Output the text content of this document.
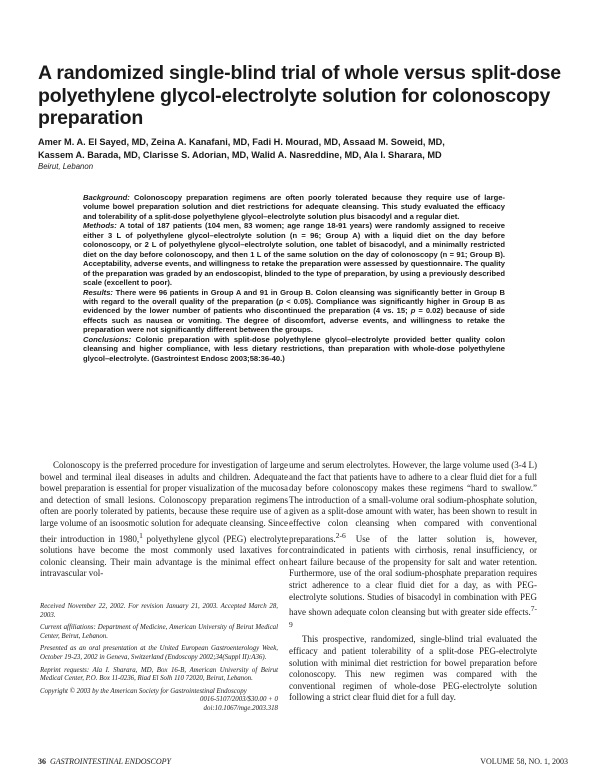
A randomized single-blind trial of whole versus split-dose polyethylene glycol-electrolyte solution for colonoscopy preparation
Amer M. A. El Sayed, MD, Zeina A. Kanafani, MD, Fadi H. Mourad, MD, Assaad M. Soweid, MD,
Kassem A. Barada, MD, Clarisse S. Adorian, MD, Walid A. Nasreddine, MD, Ala I. Sharara, MD
Beirut, Lebanon

Background: Colonoscopy preparation regimens are often poorly tolerated because they require use of large-volume bowel preparation solution and diet restrictions for adequate cleansing. This study evaluated the efficacy and tolerability of a split-dose polyethylene glycol–electrolyte solution plus bisacodyl and a regular diet.

Methods: A total of 187 patients (104 men, 83 women; age range 18-91 years) were randomly assigned to receive either 3 L of polyethylene glycol–electrolyte solution (n = 96; Group A) with a liquid diet on the day before colonoscopy, or 2 L of polyethylene glycol–electrolyte solution, one tablet of bisacodyl, and a minimally restricted diet on the day before colonoscopy, and then 1 L of the same solution on the day of colonoscopy (n = 91; Group B). Acceptability, adverse events, and willingness to retake the preparation were assessed by questionnaire. The quality of the preparation was graded by an endoscopist, blinded to the type of preparation, by using a previously described scale (excellent to poor).

Results: There were 96 patients in Group A and 91 in Group B. Colon cleansing was significantly better in Group B with regard to the overall quality of the preparation (p < 0.05). Compliance was significantly higher in Group B as evidenced by the lower number of patients who discontinued the preparation (4 vs. 15; p = 0.02) because of side effects such as nausea or vomiting. The degree of discomfort, adverse events, and willingness to retake the preparation were not significantly different between the groups.

Conclusions: Colonic preparation with split-dose polyethylene glycol–electrolyte provided better quality colon cleansing and higher compliance, with less dietary restrictions, than preparation with whole-dose polyethylene glycol–electrolyte. (Gastrointest Endosc 2003;58:36-40.)

Colonoscopy is the preferred procedure for investigation of large bowel and terminal ileal diseases in adults and children. Adequate bowel preparation is essential for proper visualization of the mucosa and detection of small lesions. Colonoscopy preparation regimens often are poorly tolerated by patients, because these require use of a large volume of an isoosmotic solution for adequate cleansing. Since their introduction in 1980,$^1$ polyethylene glycol (PEG) electrolyte solutions have become the most commonly used laxatives for colonic cleansing. Their main advantage is the minimal effect on intravascular vol-

Received November 22, 2002. For revision January 21, 2003. Accepted March 28, 2003.

Current affiliations: Department of Medicine, American University of Beirut Medical Center, Beirut, Lebanon.

Presented as an oral presentation at the United European Gastroenterology Week, October 19-23, 2002 in Geneva, Switzerland (Endoscopy 2002;34(Suppl II):A36).

Reprint requests: Ala I. Sharara, MD, Box 16-B, American University of Beirut Medical Center, P.O. Box 11-0236, Riad El Solh 110 72020, Beirut, Lebanon.

Copyright © 2003 by the American Society for Gastrointestinal Endoscopy

0016-5107/2003/$30.00 + 0

doi:10.1067/mge.2003.318

ume and serum electrolytes. However, the large volume used (3-4 L) and the fact that patients have to adhere to a clear fluid diet for a full day before colonoscopy makes these regimens “hard to swallow.” The introduction of a small-volume oral sodium-phosphate solution, given as a split-dose amount with water, has been shown to result in effective colon cleansing when compared with conventional preparations.$^{2-6}$ Use of the latter solution is, however, contraindicated in patients with cirrhosis, renal insufficiency, or heart failure because of the propensity for salt and water retention. Furthermore, use of the oral sodium-phosphate preparation requires strict adherence to a clear fluid diet for a day, as with PEG-electrolyte solutions. Studies of bisacodyl in combination with PEG have shown adequate colon cleansing but with greater side effects.$^{7-9}$

This prospective, randomized, single-blind trial evaluated the efficacy and patient tolerability of a split-dose PEG-electrolyte solution with minimal diet restriction for bowel preparation before colonoscopy. This new regimen was compared with the conventional regimen of whole-dose PEG-electrolyte solution following a strict clear fluid diet for a full day.

36 GASTROINTESTINAL ENDOSCOPY	VOLUME 58, NO. 1, 2003
